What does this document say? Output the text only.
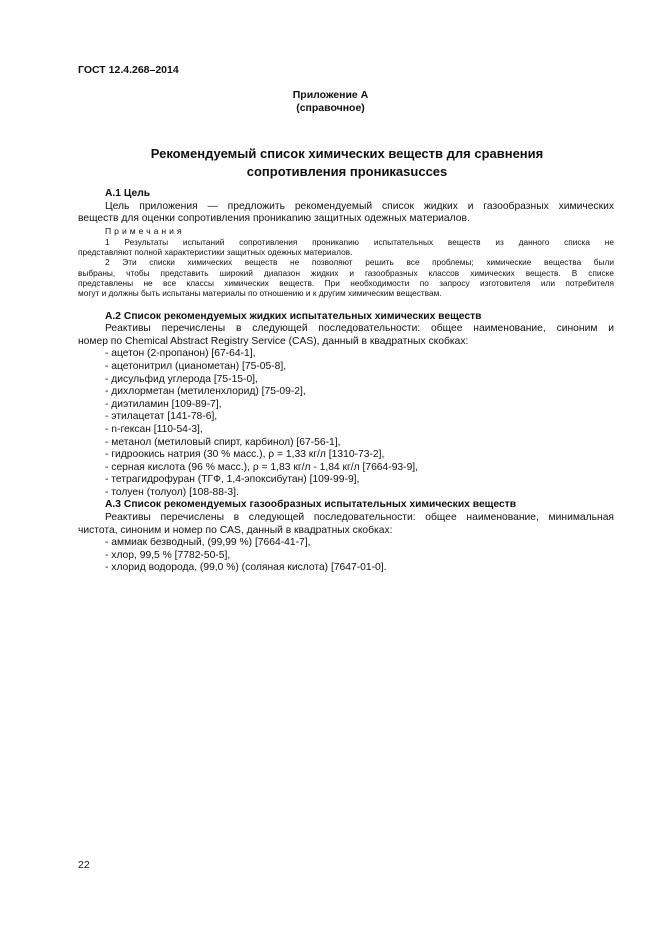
ГОСТ 12.4.268–2014
Приложение А
(справочное)
Рекомендуемый список химических веществ для сравнения
сопротивления проникаsucces

А.1 Цель

Цель приложения — предложить рекомендуемый список жидких и газообразных химических

веществ для оценки сопротивления проникаnию защитных одежных материалов.

Примечания

1 Результаты испытаний сопротивления проникаnию испытательных веществ из данного списка не

представляют полной характеристики защитных одежных материалов.

2 Эти списки химических веществ не позволяют решить все проблемы; химические вещества были

выбраны, чтобы представить широкий диапазон жидких и газообразных классов химических веществ. В списке

представлены не все классы химических веществ. При необходимости по запросу изготовителя или потребителя

могут и должны быть испытаны материалы по отношению и к другим химическим веществам.

А.2 Список рекомендуемых жидких испытательных химических веществ

Реактивы перечислены в следующей последовательности: общее наименование, синоним и

номер по Chemical Abstract Registry Service (CAS), данный в квадратных скобках:

- ацетон (2-пропанон) [67-64-1],

- ацетонитрил (цианометан) [75-05-8],

- дисульфид углерода [75-15-0],

- дихлорметан (метиленхлорид) [75-09-2],

- диэтиламин [109-89-7],

- этилацетат [141-78-6],

- n-гексан [110-54-3],

- метанол (метиловый спирт, карбинол) [67-56-1],

- гидроокись натрия (30 % масс.), ρ = 1,33 кг/л [1310-73-2],

- серная кислота (96 % масс.), ρ = 1,83 кг/л - 1,84 кг/л [7664-93-9],

- тетрагидрофуран (ТГФ, 1,4-эпоксибутан) [109-99-9],

- толуен (толуол) [108-88-3].

А.3 Список рекомендуемых газообразных испытательных химических веществ

Реактивы перечислены в следующей последовательности: общее наименование, минимальная

чистота, синоним и номер по CAS, данный в квадратных скобках:

- аммиак безводный, (99,99 %) [7664-41-7],

- хлор, 99,5 % [7782-50-5],

- хлорид водорода, (99,0 %) (соляная кислота) [7647-01-0].

22
